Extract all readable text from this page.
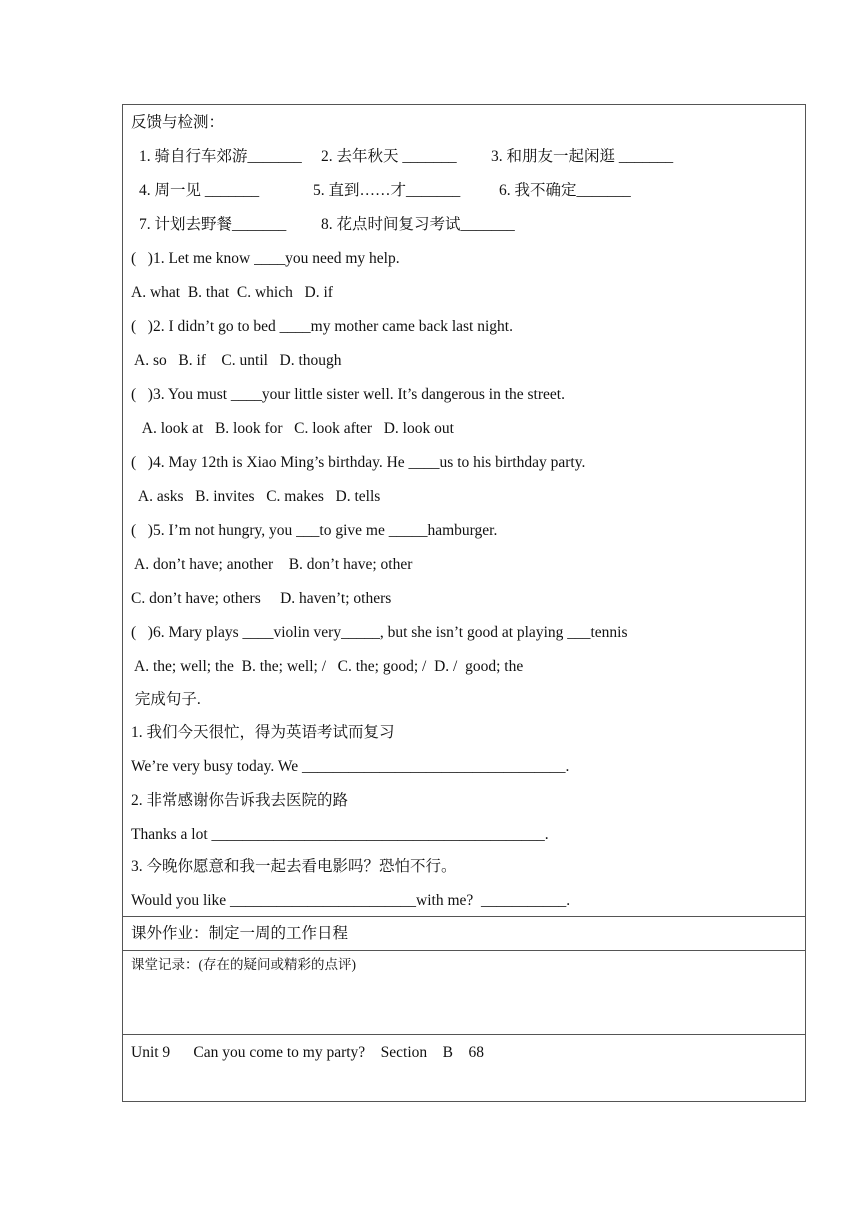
反馈与检测：
1. 骑自行车郊游_______ 2. 去年秋天 _______ 3. 和朋友一起闲逛 _______
4. 周一见 _______	5. 直到……才_______ 6. 我不确定_______
7. 计划去野餐_______ 8. 花点时间复习考试_______
(   )1. Let me know ____you need my help.
A. what  B. that  C. which   D. if
(   )2. I didn’t go to bed ____my mother came back last night.
A. so   B. if    C. until   D. though
(   )3. You must ____your little sister well. It’s dangerous in the street.
A. look at   B. look for   C. look after   D. look out
(   )4. May 12th is Xiao Ming’s birthday. He ____us to his birthday party.
A. asks   B. invites   C. makes   D. tells
(   )5. I’m not hungry, you ___to give me _____hamburger.
A. don’t have; another    B. don’t have; other
C. don’t have; others     D. haven’t; others
(   )6. Mary plays ____violin very_____, but she isn’t good at playing ___tennis
A. the; well; the  B. the; well; /   C. the; good; /  D. /  good; the
完成句子.
1. 我们今天很忙，得为英语考试而复习
We’re very busy today. We __________________________________.
2. 非常感谢你告诉我去医院的路
Thanks a lot ___________________________________________.
3. 今晚你愿意和我一起去看电影吗？恐怕不行。
Would you like ________________________with me?  ___________.
课外作业：制定一周的工作日程
课堂记录：(存在的疑问或精彩的点评)
Unit 9      Can you come to my party?    Section    B    68
